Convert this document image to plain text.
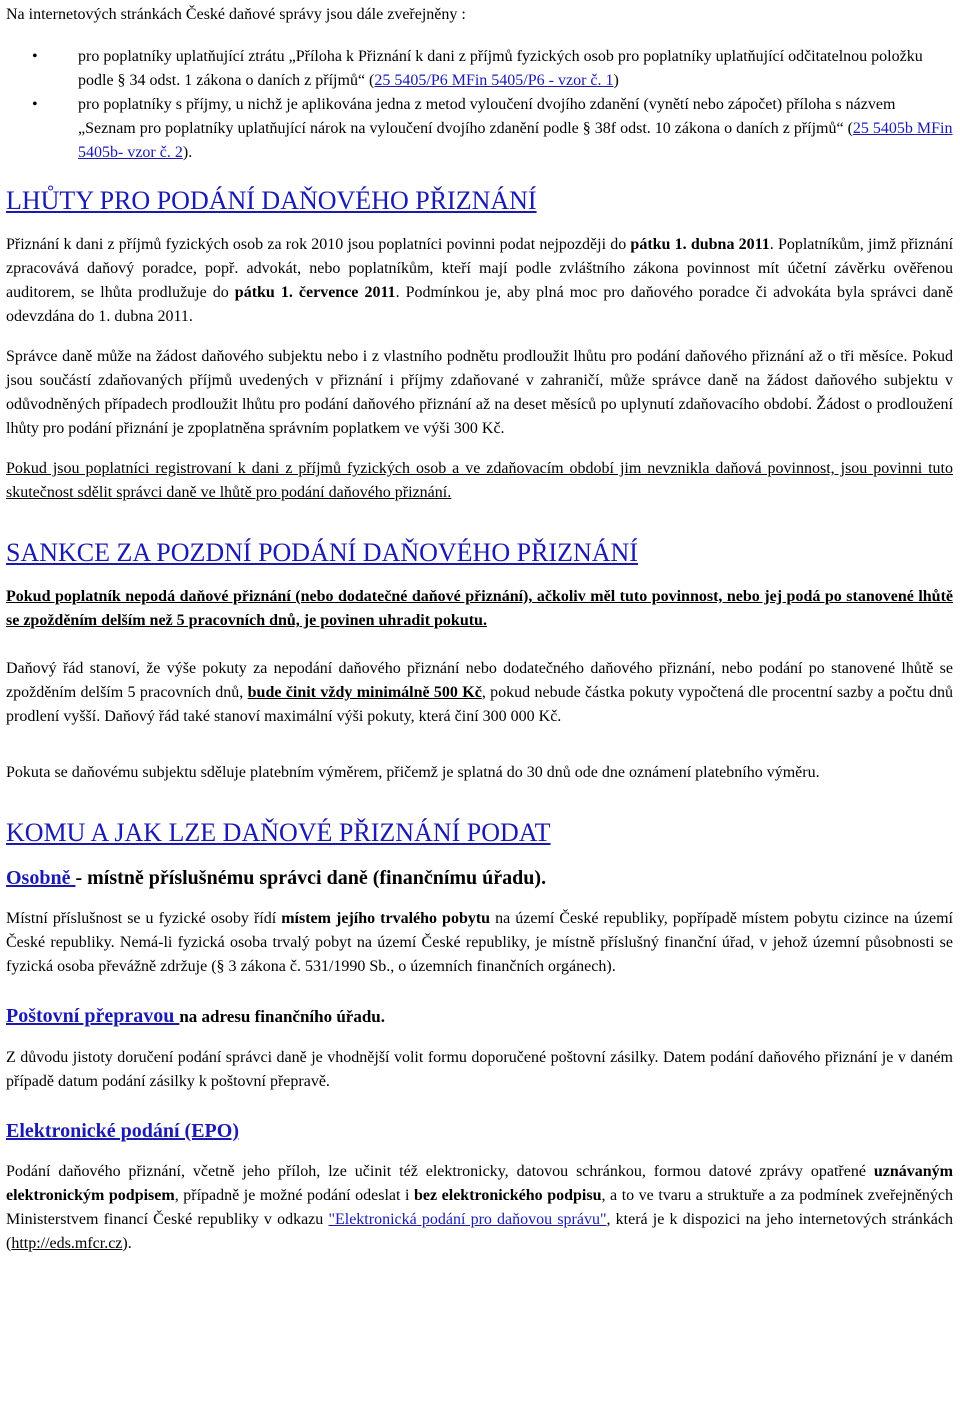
Na internetových stránkách České daňové správy jsou dále zveřejněny :

• pro poplatníky uplatňující ztrátu „Příloha k Přiznání k dani z příjmů fyzických osob pro poplatníky uplatňující odčitatelnou položku podle § 34 odst. 1 zákona o daních z příjmů“ (25 5405/P6 MFin 5405/P6 - vzor č. 1)
• pro poplatníky s příjmy, u nichž je aplikována jedna z metod vyloučení dvojího zdanění (vynětí nebo zápočet) příloha s názvem „Seznam pro poplatníky uplatňující nárok na vyloučení dvojího zdanění podle § 38f odst. 10 zákona o daních z příjmů“ (25 5405b MFin 5405b- vzor č. 2).
LHŮTY PRO PODÁNÍ DAŇOVÉHO PŘIZNÁNÍ

Přiznání k dani z příjmů fyzických osob za rok 2010 jsou poplatníci povinni podat nejpozději do pátku 1. dubna 2011. Poplatníkům, jimž přiznání zpracovává daňový poradce, popř. advokát, nebo poplatníkům, kteří mají podle zvláštního zákona povinnost mít účetní závěrku ověřenou auditorem, se lhůta prodlužuje do pátku 1. července 2011. Podmínkou je, aby plná moc pro daňového poradce či advokáta byla správci daně odevzdána do 1. dubna 2011.

Správce daně může na žádost daňového subjektu nebo i z vlastního podnětu prodloužit lhůtu pro podání daňového přiznání až o tři měsíce. Pokud jsou součástí zdaňovaných příjmů uvedených v přiznání i příjmy zdaňované v zahraničí, může správce daně na žádost daňového subjektu v odůvodněných případech prodloužit lhůtu pro podání daňového přiznání až na deset měsíců po uplynutí zdaňovacího období. Žádost o prodloužení lhůty pro podání přiznání je zpoplatněna správním poplatkem ve výši 300 Kč.

Pokud jsou poplatníci registrovaní k dani z příjmů fyzických osob a ve zdaňovacím období jim nevznikla daňová povinnost, jsou povinni tuto skutečnost sdělit správci daně ve lhůtě pro podání daňového přiznání.

SANKCE ZA POZDNÍ PODÁNÍ DAŇOVÉHO PŘIZNÁNÍ

Pokud poplatník nepodá daňové přiznání (nebo dodatečné daňové přiznání), ačkoliv měl tuto povinnost, nebo jej podá po stanovené lhůtě se zpožděním delším než 5 pracovních dnů, je povinen uhradit pokutu.

Daňový řád stanoví, že výše pokuty za nepodání daňového přiznání nebo dodatečného daňového přiznání, nebo podání po stanovené lhůtě se zpožděním delším 5 pracovních dnů, bude činit vždy minimálně 500 Kč, pokud nebude částka pokuty vypočtená dle procentní sazby a počtu dnů prodlení vyšší. Daňový řád také stanoví maximální výši pokuty, která činí 300 000 Kč.

Pokuta se daňovému subjektu sděluje platebním výměrem, přičemž je splatná do 30 dnů ode dne oznámení platebního výměru.

KOMU A JAK LZE DAŇOVÉ PŘIZNÁNÍ PODAT
Osobně - místně příslušnému správci daně (finančnímu úřadu).

Místní příslušnost se u fyzické osoby řídí místem jejího trvalého pobytu na území České republiky, popřípadě místem pobytu cizince na území České republiky. Nemá-li fyzická osoba trvalý pobyt na území České republiky, je místně příslušný finanční úřad, v jehož územní působnosti se fyzická osoba převážně zdržuje (§ 3 zákona č. 531/1990 Sb., o územních finančních orgánech).

Poštovní přepravou na adresu finančního úřadu.

Z důvodu jistoty doručení podání správci daně je vhodnější volit formu doporučené poštovní zásilky. Datem podání daňového přiznání je v daném případě datum podání zásilky k poštovní přepravě.

Elektronické podání (EPO)

Podání daňového přiznání, včetně jeho příloh, lze učinit též elektronicky, datovou schránkou, formou datové zprávy opatřené uznávaným elektronickým podpisem, případně je možné podání odeslat i bez elektronického podpisu, a to ve tvaru a struktuře a za podmínek zveřejněných Ministerstvem financí České republiky v odkazu "Elektronická podání pro daňovou správu", která je k dispozici na jeho internetových stránkách (http://eds.mfcr.cz).
